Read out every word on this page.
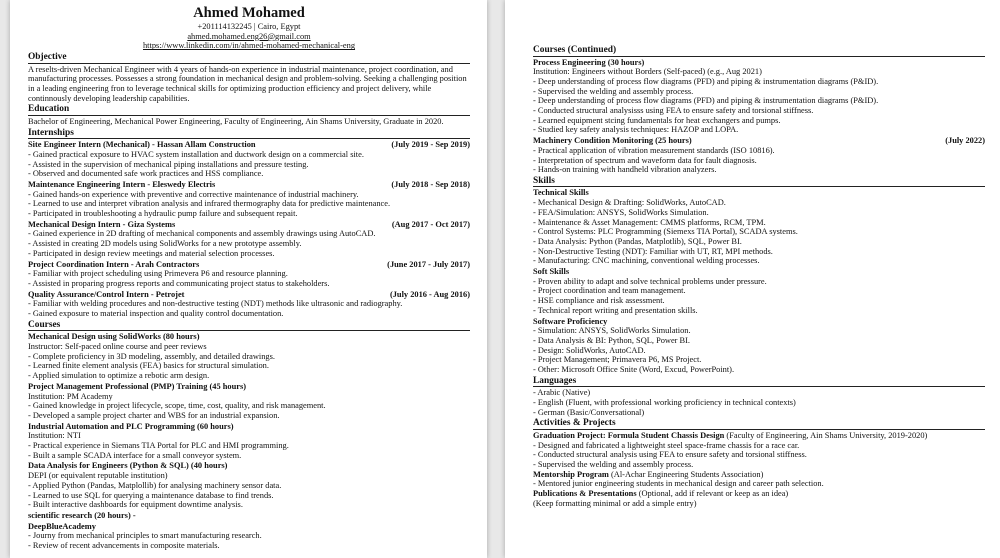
Ahmed Mohamed
+201114132245 | Cairo, Egypt
ahmed.mohamed.eng26@gmail.com
https://www.linkedin.com/in/ahmed-mohamed-mechanical-eng
Objective
A reselts-driven Mechanical Engineer with 4 years of hands-on experience in industrial maintenance, project coordination, and manufacturing processes. Possesses a strong foundation in mechanical design and problem-solving. Seeking a challenging position in a leading engineering fron to leverage technical skills for optimizing production efficiency and project delivery, while continnously developing leadership capabilities.
Education
Bachelor of Engineering, Mechanical Power Engineering, Faculty of Engineering, Ain Shams University, Graduate in 2020.
Internships
Site Engineer Intern (Mechanical) - Hassan Allam Construction	(July 2019 - Sep 2019)
- Gained practical exposure to HVAC system installation and ductwork design on a commercial site.
- Assisted in the supervision of mechanical piping installations and pressure testing.
- Observed and documented safe work practices and HSS compliance.
Maintenance Engineering Intern - Eleswedy Electris	(July 2018 - Sep 2018)
- Gained hands-on experience with preventive and corrective maintenance of industrial machinery.
- Learned to use and interpret vibration analysis and infrared thermography data for predictive maintenance.
- Participated in troubleshooting a hydraulic pump failure and subsequent repait.
Mechanical Design Intern - Giza Systems	(Aug 2017 - Oct 2017)
- Gained experience in 2D drafting of mechanical components and assembly drawings using AutoCAD.
- Assisted in creating 2D models using SolidWorks for a new prototype assembly.
- Participated in design review meetings and material selection processes.
Project Coordination Intern - Arah Contractors	(June 2017 - July 2017)
- Familiar with project scheduling using Primevera P6 and resource planning.
- Assisted in proparing progress reports and communicating project status to stakeholders.
Quality Assurance/Control Intern - Petrojet	(July 2016 - Aug 2016)
- Familiar with welding procedures and non-destructive testing (NDT) methods like ultrasonic and radiography.
- Gained exposure to material inspection and quality control documentation.
Courses
Mechanical Design using SolidWorks (80 hours)
Instructor: Self-paced online course and peer reviews
- Complete proficiency in 3D modeling, assembly, and detailed drawings.
- Learned finite element analysis (FEA) basics for structural simulation.
- Applied simulation to optimize a rebotic arm design.
Project Management Professional (PMP) Training (45 hours)
Institution: PM Academy
- Gained knowledge in project lifecycle, scope, time, cost, quality, and risk management.
- Developed a sample project charter and WBS for an industrial expansion.
Industrial Automation and PLC Programming (60 hours)
Institution: NTI
- Practical experience in Siemans TIA Portal for PLC and HMI programming.
- Built a sample SCADA interface for a small conveyor system.
Data Analysis for Engineers (Python & SQL) (40 hours)
DEPI (or equivalent reputable institution)
- Applied Python (Pandas, Matplollib) for analysing machinery sensor data.
- Learned to use SQL for querying a maintenance database to find trends.
- Built interactive dashboards for equipment downtime analysis.
scientific research (20 hours) -
DeepBlueAcademy
- Journy from mechanical principles to smart manufacturing research.
- Review of recent advancements in composite materials.
Courses (Continued)
Process Engineering (30 hours)
Institution: Engineers without Borders (Self-paced) (e.g., Aug 2021)
- Deep understanding of process flow diagrams (PFD) and piping & instrumentation diagrams (P&ID).
- Supervised the welding and assembly process.
- Deep understanding of process flow diagrams (PFD) and piping & instrumentation diagrams (P&ID).
- Conducted structural analysisss using FEA to ensure safety and torsional stiffness.
- Learned equipment stcing fundamentals for heat exchangers and pumps.
- Studied key safety analysis techniques: HAZOP and LOPA.
Machinery Condition Monitoring (25 hours)	(July 2022)
- Practical application of vibration measurement standards (ISO 10816).
- Interpretation of spectrum and waveform data for fault diagnosis.
- Hands-on training with handheld vibration analyzers.
Skills
Technical Skills
- Mechanical Design & Drafting: SolidWorks, AutoCAD.
- FEA/Simulation: ANSYS, SolidWorks Simulation.
- Maintenance & Asset Management: CMMS platforms, RCM, TPM.
- Control Systems: PLC Programming (Siemexs TIA Portal), SCADA systems.
- Data Analysis: Python (Pandas, Matplotlib), SQL, Power BI.
- Non-Destructive Testing (NDT): Familiar with UT, RT, MPI methods.
- Manufacturing: CNC machining, conventional welding processes.
Soft Skills
- Proven ability to adapt and solve technical problems under pressure.
- Project coordination and team management.
- HSE compliance and risk assessment.
- Technical report writing and presentation skills.
Software Proficiency
- Simulation: ANSYS, SolidWorks Simulation.
- Data Analysis & BI: Python, SQL, Power BI.
- Design: SolidWorks, AutoCAD.
- Project Management; Primavera P6, MS Project.
- Other: Microsoft Office Snite (Word, Excud, PowerPoint).
Languages
- Arabic (Native)
- English (Fluent, with professional working proficiency in technical contexts)
- German (Basic/Conversational)
Activities & Projects
Graduation Project: Formula Student Chassis Design (Faculty of Engineering, Ain Shams University, 2019-2020)
- Designed and fabricated a lightweight steel space-frame chassis for a race car.
- Conducted structural analysis using FEA to ensure safety and torsional stiffness.
- Supervised the welding and assembly process.
Mentorship Program (Al-Achar Engineering Students Association)
- Mentored junior engineering students in mechanical design and career path selection.
Publications & Presentations (Optional, add if relevant or keep as an idea)
(Keep formatting minimal or add a simple entry)
